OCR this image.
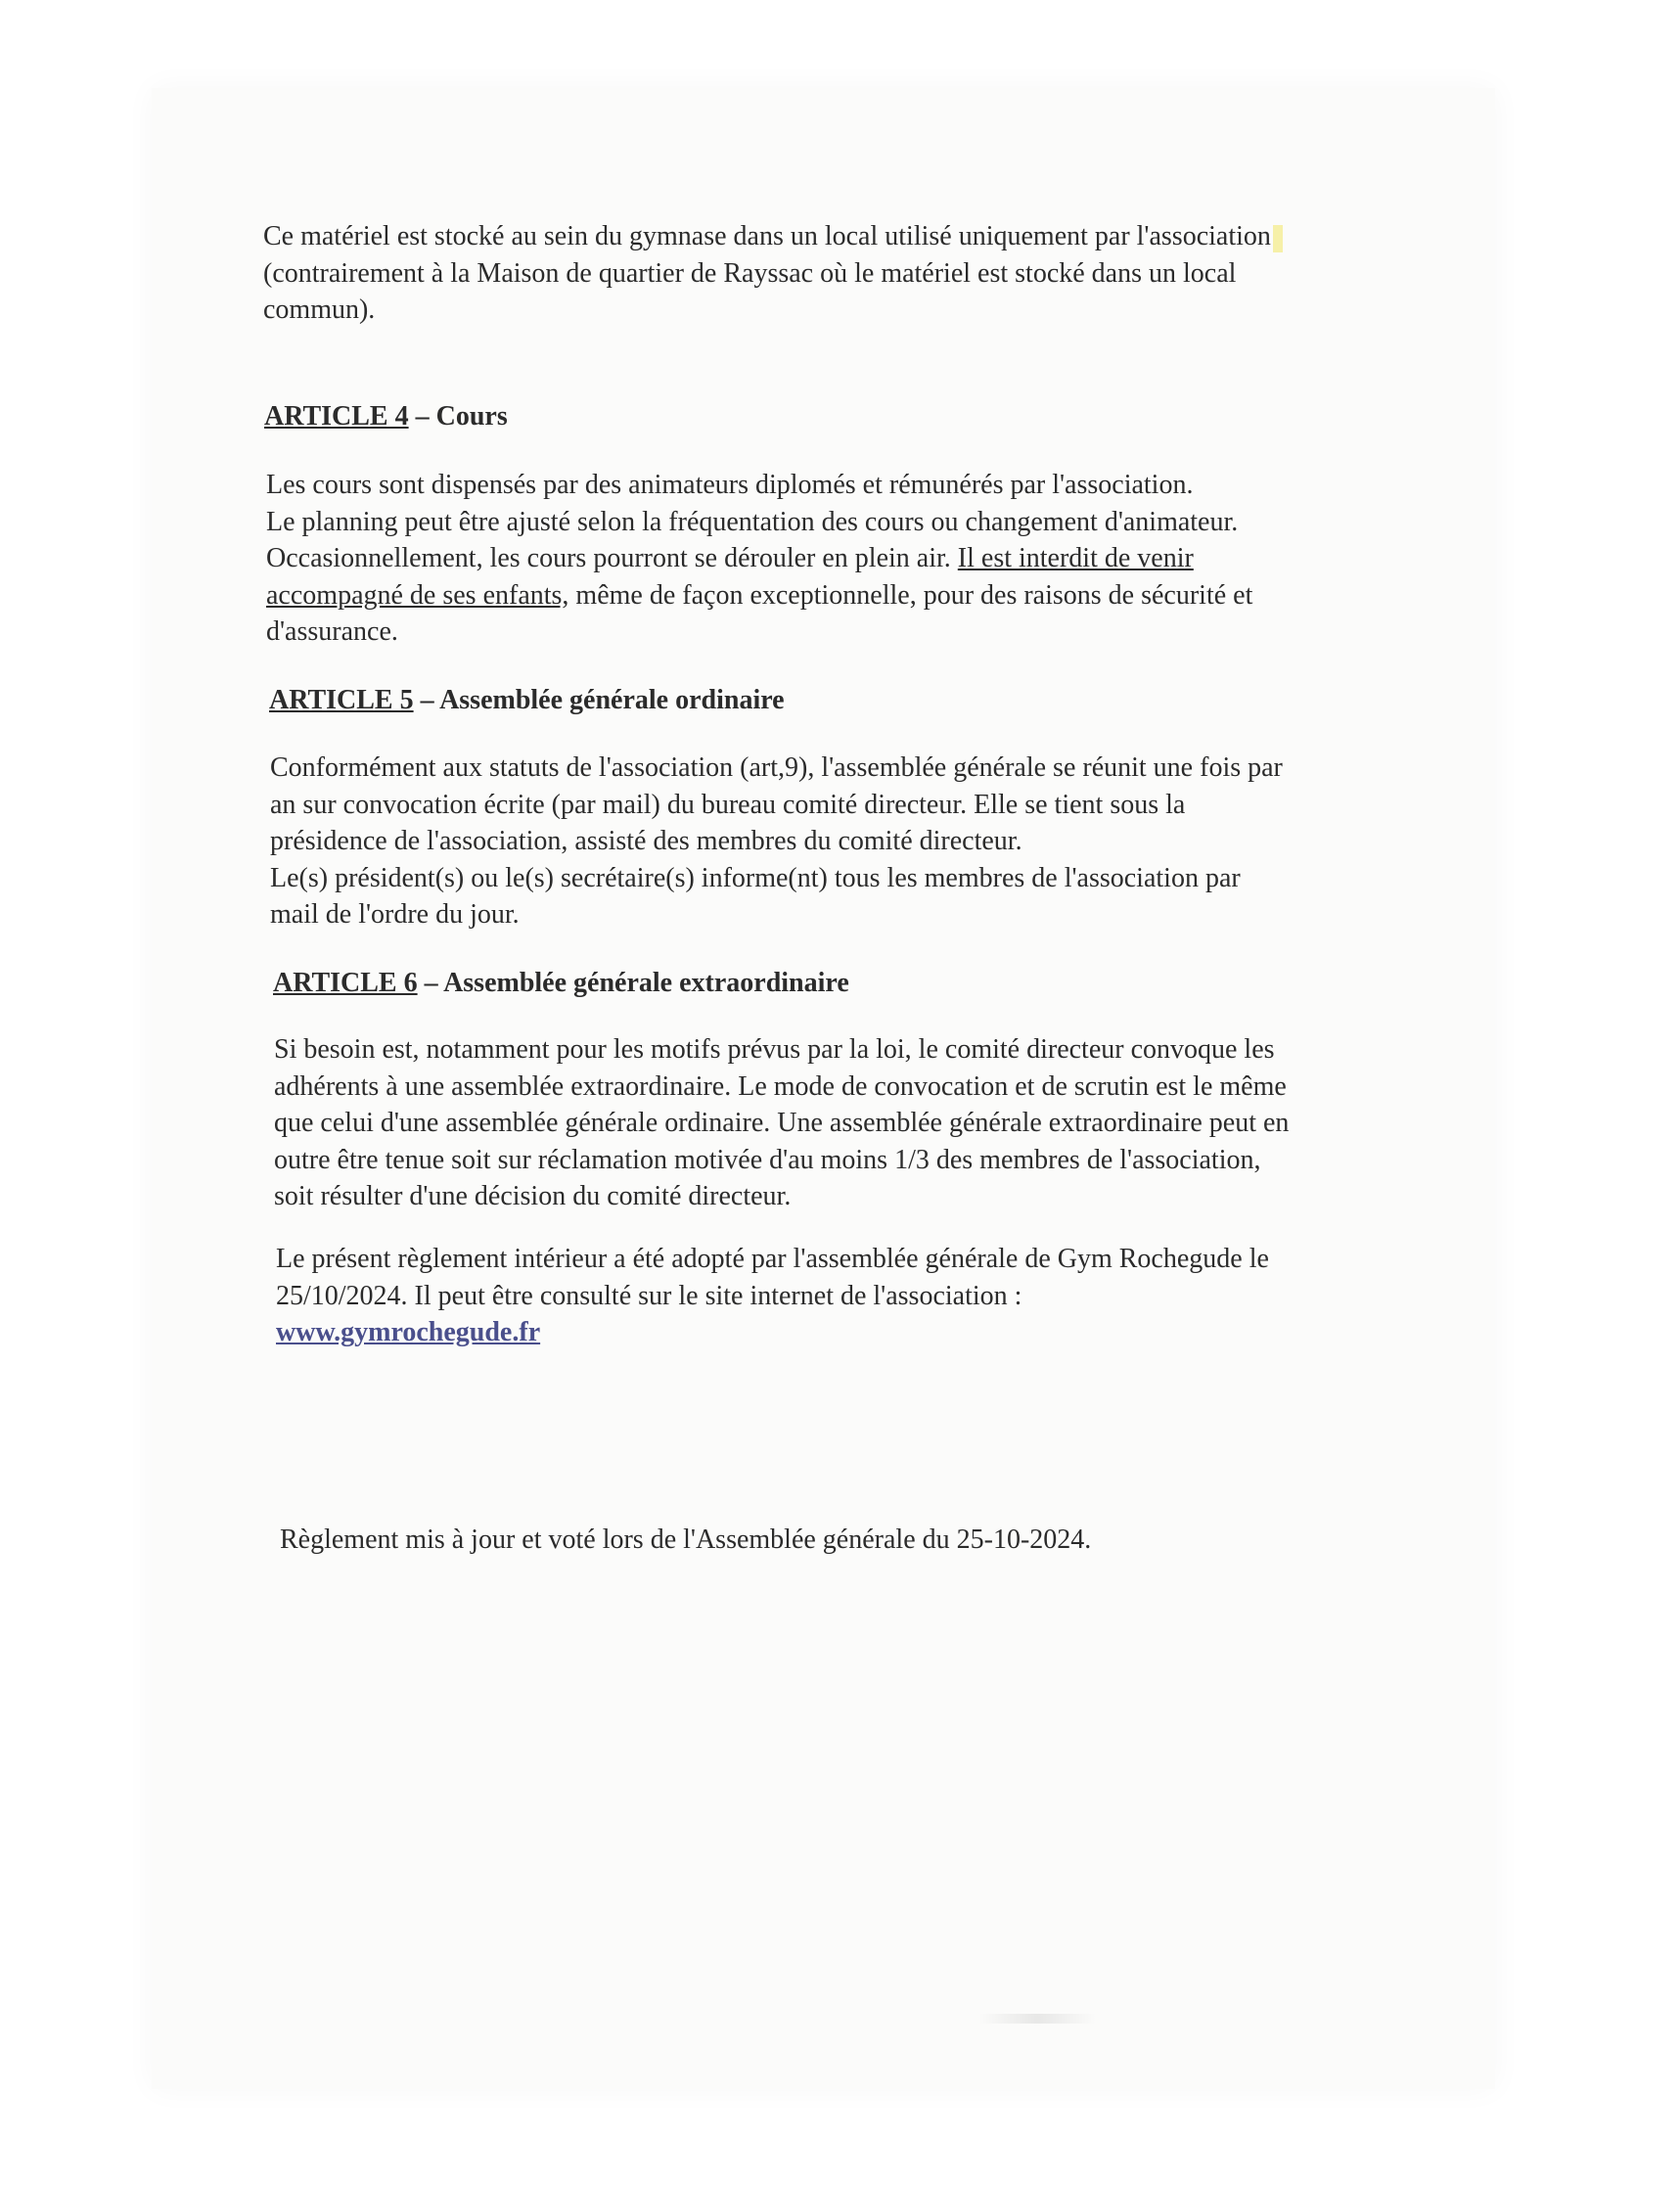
Ce matériel est stocké au sein du gymnase dans un local utilisé uniquement par l'association
(contrairement à la Maison de quartier de Rayssac où le matériel est stocké dans un local
commun).
ARTICLE 4 – Cours
Les cours sont dispensés par des animateurs diplomés et rémunérés par l'association.
Le planning peut être ajusté selon la fréquentation des cours ou changement d'animateur.
Occasionnellement, les cours pourront se dérouler en plein air. Il est interdit de venir
accompagné de ses enfants, même de façon exceptionnelle, pour des raisons de sécurité et
d'assurance.
ARTICLE 5 – Assemblée générale ordinaire
Conformément aux statuts de l'association (art,9), l'assemblée générale se réunit une fois par
an sur convocation écrite (par mail) du bureau comité directeur. Elle se tient sous la
présidence de l'association, assisté des membres du comité directeur.
Le(s) président(s) ou le(s) secrétaire(s) informe(nt) tous les membres de l'association par
mail de l'ordre du jour.
ARTICLE 6 – Assemblée générale extraordinaire
Si besoin est, notamment pour les motifs prévus par la loi, le comité directeur convoque les
adhérents à une assemblée extraordinaire. Le mode de convocation et de scrutin est le même
que celui d'une assemblée générale ordinaire. Une assemblée générale extraordinaire peut en
outre être tenue soit sur réclamation motivée d'au moins 1/3 des membres de l'association,
soit résulter d'une décision du comité directeur.
Le présent règlement intérieur a été adopté par l'assemblée générale de Gym Rochegude le
25/10/2024. Il peut être consulté sur le site internet de l'association :
www.gymrochegude.fr
Règlement mis à jour et voté lors de l'Assemblée générale du 25-10-2024.
